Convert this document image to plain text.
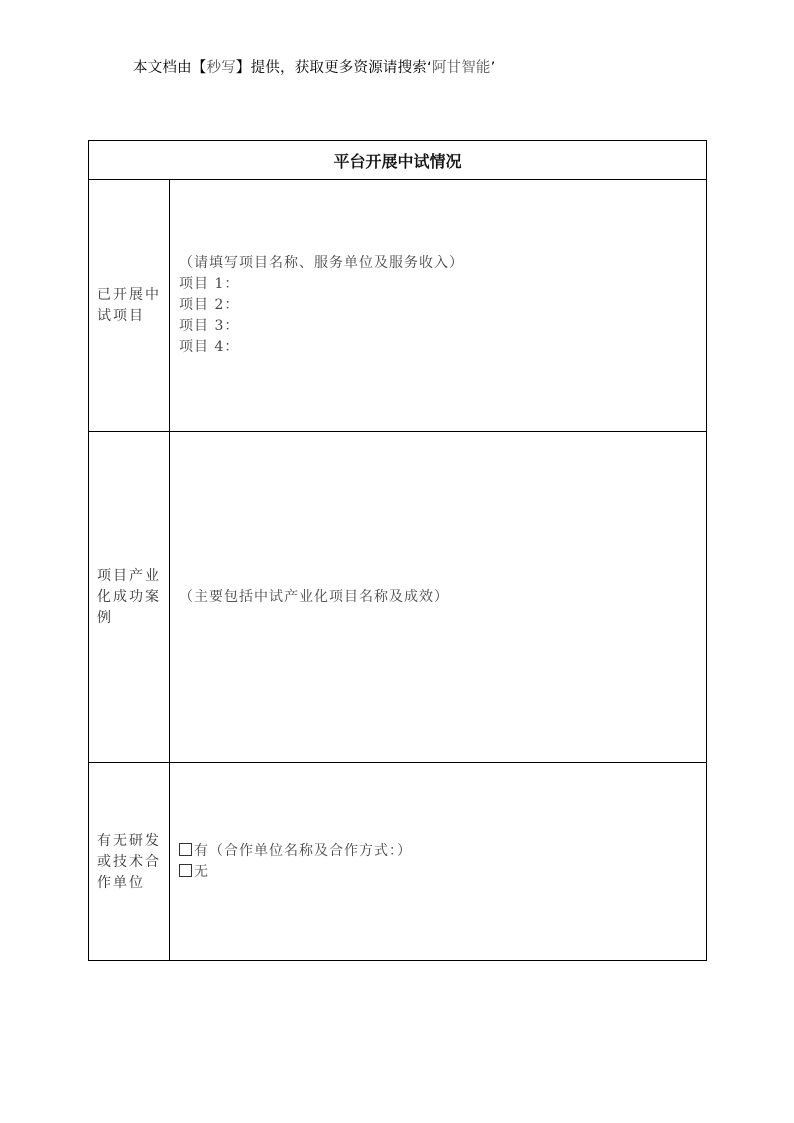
本文档由【秒写】提供，获取更多资源请搜索‘阿甘智能’
平台开展中试情况
已开展中试项目
（请填写项目名称、服务单位及服务收入）
项目 1：
项目 2：
项目 3：
项目 4：
项目产业化成功案例
（主要包括中试产业化项目名称及成效）
有无研发或技术合作单位
有（合作单位名称及合作方式：）
无
